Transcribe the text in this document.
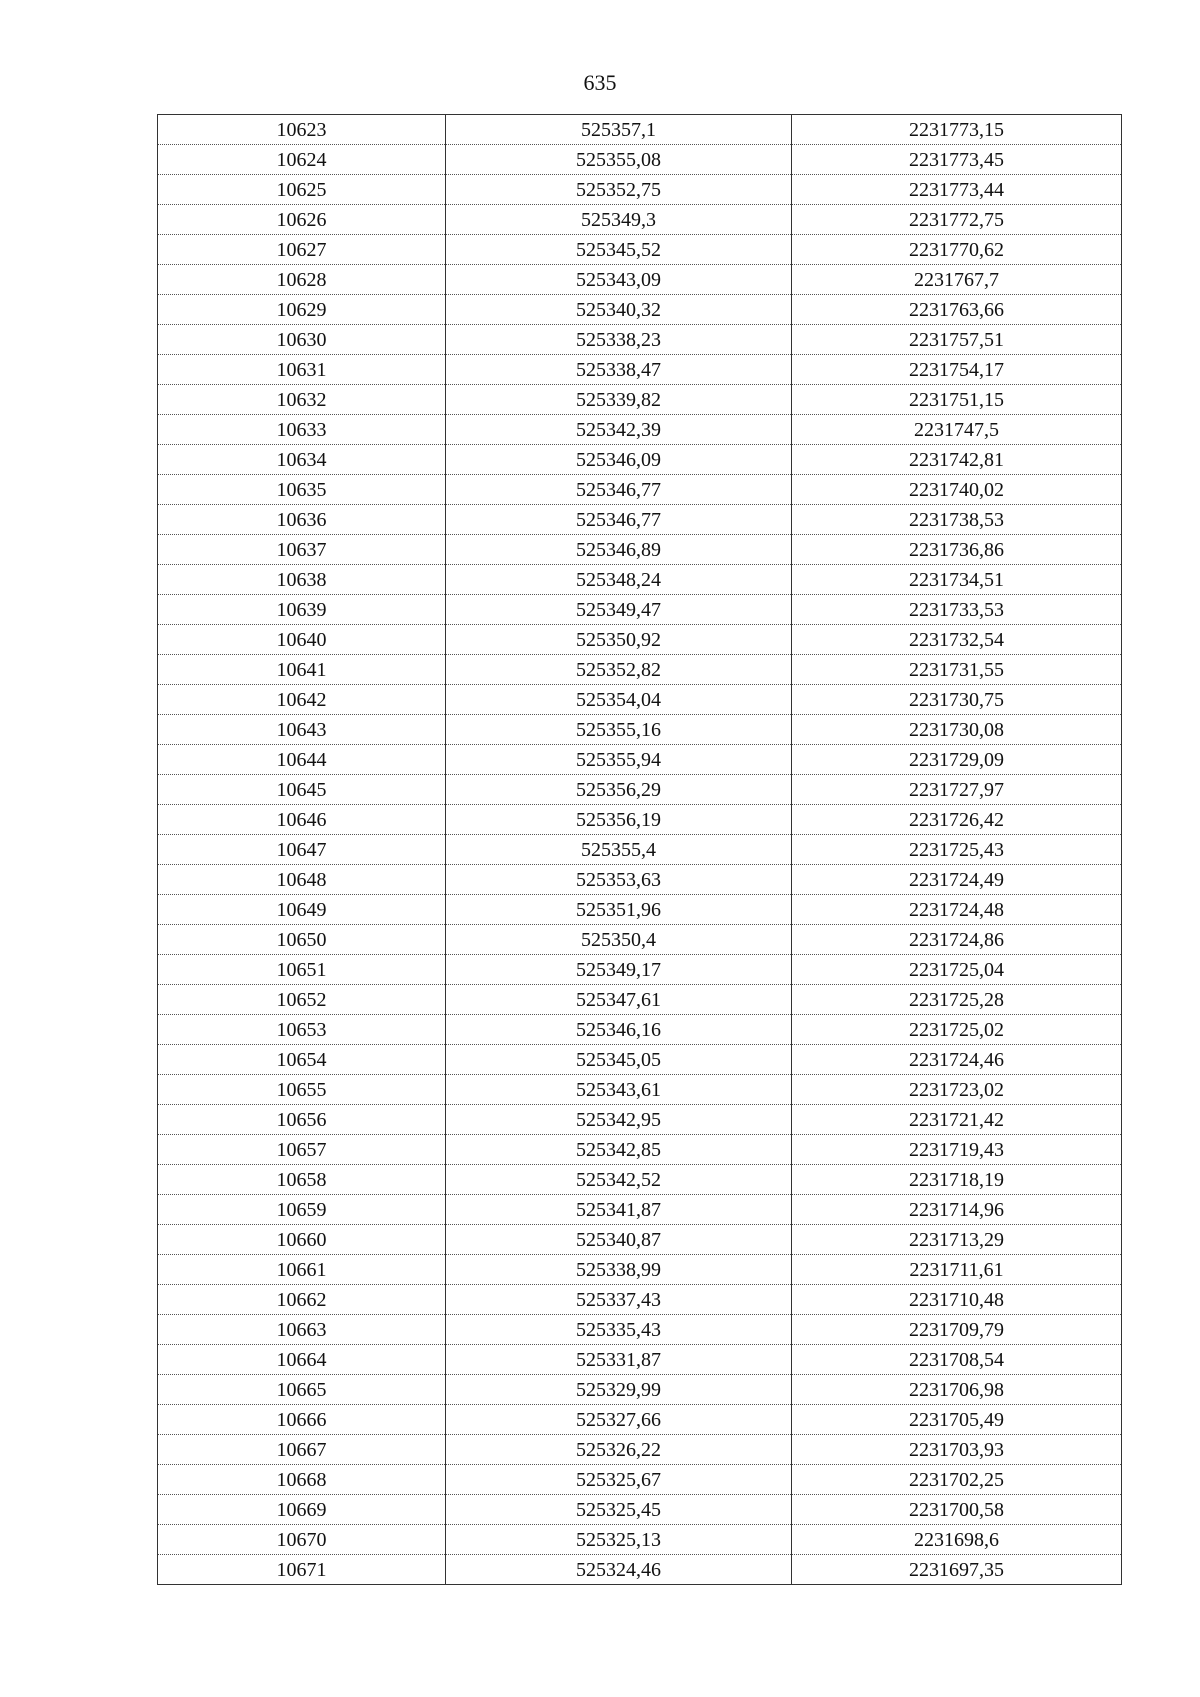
635
10623	525357,1	2231773,15
10624	525355,08	2231773,45
10625	525352,75	2231773,44
10626	525349,3	2231772,75
10627	525345,52	2231770,62
10628	525343,09	2231767,7
10629	525340,32	2231763,66
10630	525338,23	2231757,51
10631	525338,47	2231754,17
10632	525339,82	2231751,15
10633	525342,39	2231747,5
10634	525346,09	2231742,81
10635	525346,77	2231740,02
10636	525346,77	2231738,53
10637	525346,89	2231736,86
10638	525348,24	2231734,51
10639	525349,47	2231733,53
10640	525350,92	2231732,54
10641	525352,82	2231731,55
10642	525354,04	2231730,75
10643	525355,16	2231730,08
10644	525355,94	2231729,09
10645	525356,29	2231727,97
10646	525356,19	2231726,42
10647	525355,4	2231725,43
10648	525353,63	2231724,49
10649	525351,96	2231724,48
10650	525350,4	2231724,86
10651	525349,17	2231725,04
10652	525347,61	2231725,28
10653	525346,16	2231725,02
10654	525345,05	2231724,46
10655	525343,61	2231723,02
10656	525342,95	2231721,42
10657	525342,85	2231719,43
10658	525342,52	2231718,19
10659	525341,87	2231714,96
10660	525340,87	2231713,29
10661	525338,99	2231711,61
10662	525337,43	2231710,48
10663	525335,43	2231709,79
10664	525331,87	2231708,54
10665	525329,99	2231706,98
10666	525327,66	2231705,49
10667	525326,22	2231703,93
10668	525325,67	2231702,25
10669	525325,45	2231700,58
10670	525325,13	2231698,6
10671	525324,46	2231697,35
